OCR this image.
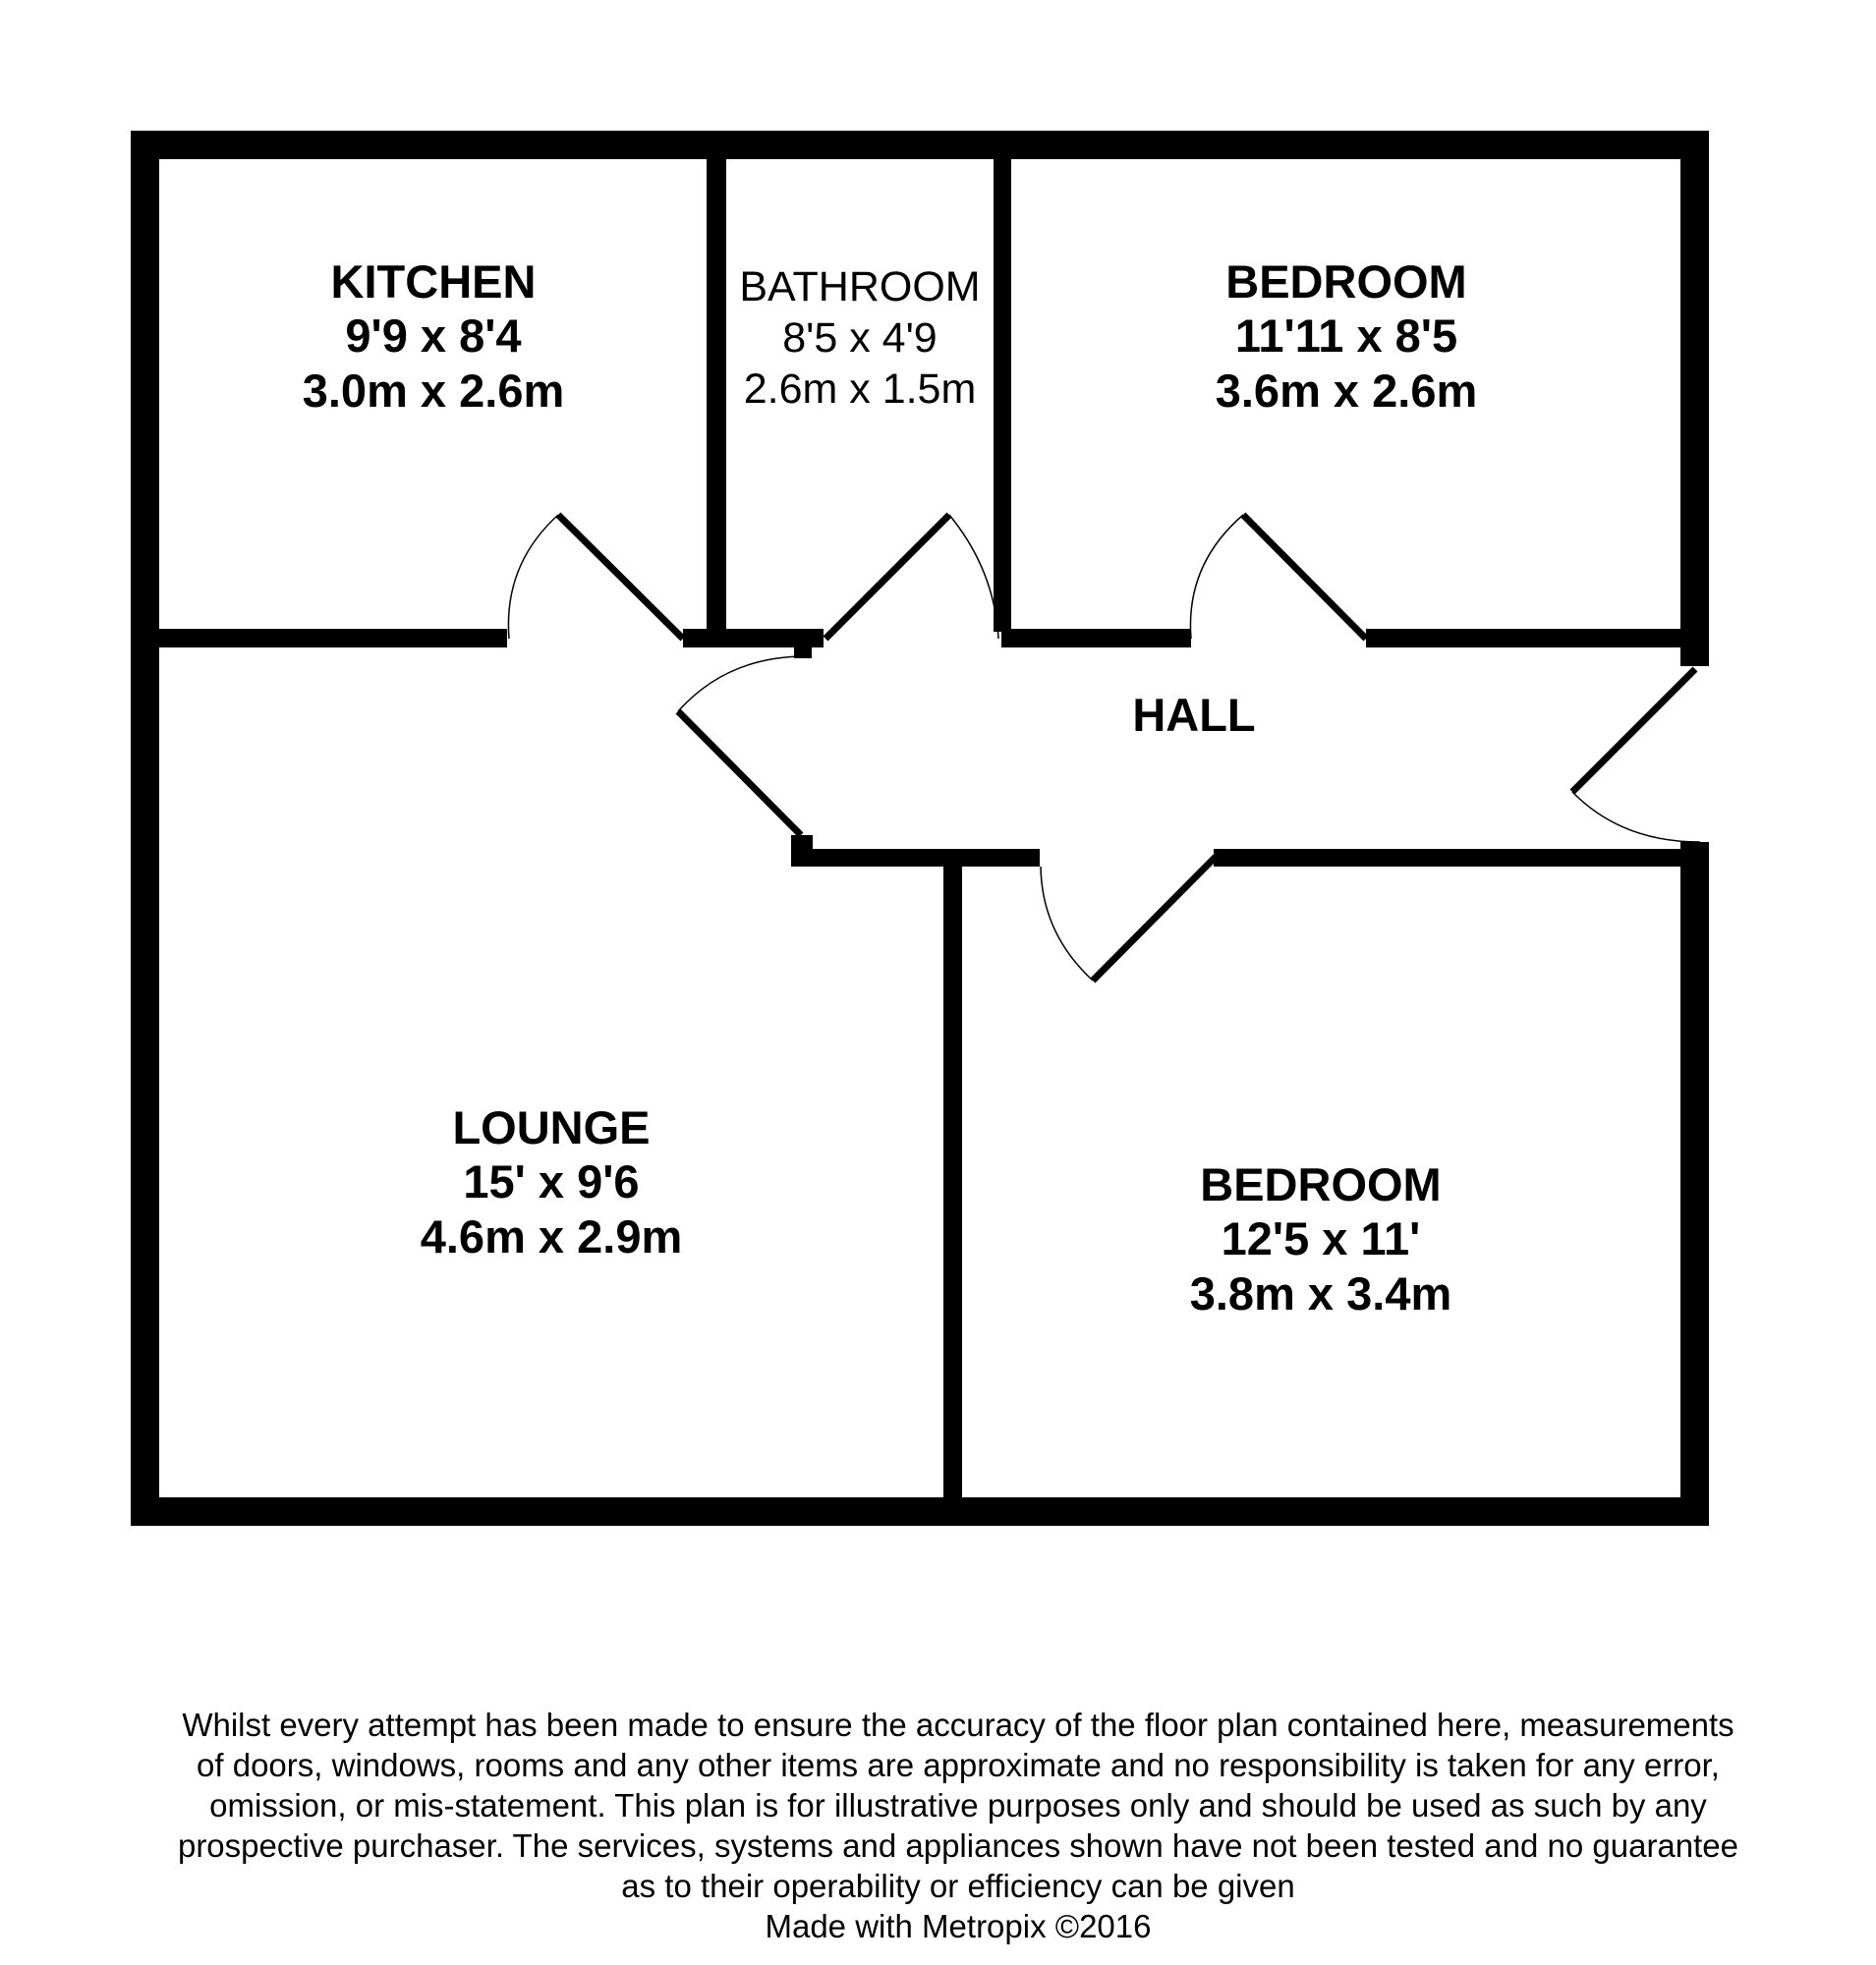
KITCHEN
9'9 x 8'4
3.0m x 2.6m
BATHROOM
8'5 x 4'9
2.6m x 1.5m
BEDROOM
11'11 x 8'5
3.6m x 2.6m
HALL
LOUNGE
15' x 9'6
4.6m x 2.9m
BEDROOM
12'5 x 11'
3.8m x 3.4m

Whilst every attempt has been made to ensure the accuracy of the floor plan contained here, measurements
of doors, windows, rooms and any other items are approximate and no responsibility is taken for any error,
omission, or mis-statement. This plan is for illustrative purposes only and should be used as such by any
prospective purchaser. The services, systems and appliances shown have not been tested and no guarantee
as to their operability or efficiency can be given
Made with Metropix ©2016
